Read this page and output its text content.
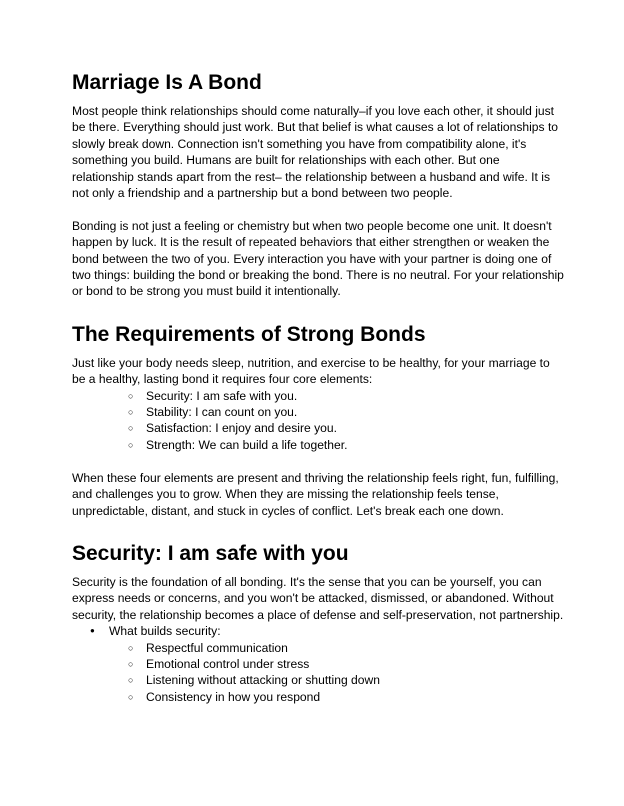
Marriage Is A Bond

Most people think relationships should come naturally–if you love each other, it should just be there. Everything should just work. But that belief is what causes a lot of relationships to slowly break down. Connection isn't something you have from compatibility alone, it's something you build. Humans are built for relationships with each other. But one relationship stands apart from the rest– the relationship between a husband and wife. It is not only a friendship and a partnership but a bond between two people.

Bonding is not just a feeling or chemistry but when two people become one unit. It doesn't happen by luck. It is the result of repeated behaviors that either strengthen or weaken the bond between the two of you. Every interaction you have with your partner is doing one of two things: building the bond or breaking the bond. There is no neutral. For your relationship or bond to be strong you must build it intentionally.

The Requirements of Strong Bonds

Just like your body needs sleep, nutrition, and exercise to be healthy, for your marriage to be a healthy, lasting bond it requires four core elements:

○ Security: I am safe with you.
○ Stability: I can count on you.
○ Satisfaction: I enjoy and desire you.
○ Strength: We can build a life together.

When these four elements are present and thriving the relationship feels right, fun, fulfilling, and challenges you to grow. When they are missing the relationship feels tense, unpredictable, distant, and stuck in cycles of conflict. Let's break each one down.

Security: I am safe with you

Security is the foundation of all bonding. It's the sense that you can be yourself, you can express needs or concerns, and you won't be attacked, dismissed, or abandoned. Without security, the relationship becomes a place of defense and self-preservation, not partnership.

● What builds security:
○ Respectful communication
○ Emotional control under stress
○ Listening without attacking or shutting down
○ Consistency in how you respond
